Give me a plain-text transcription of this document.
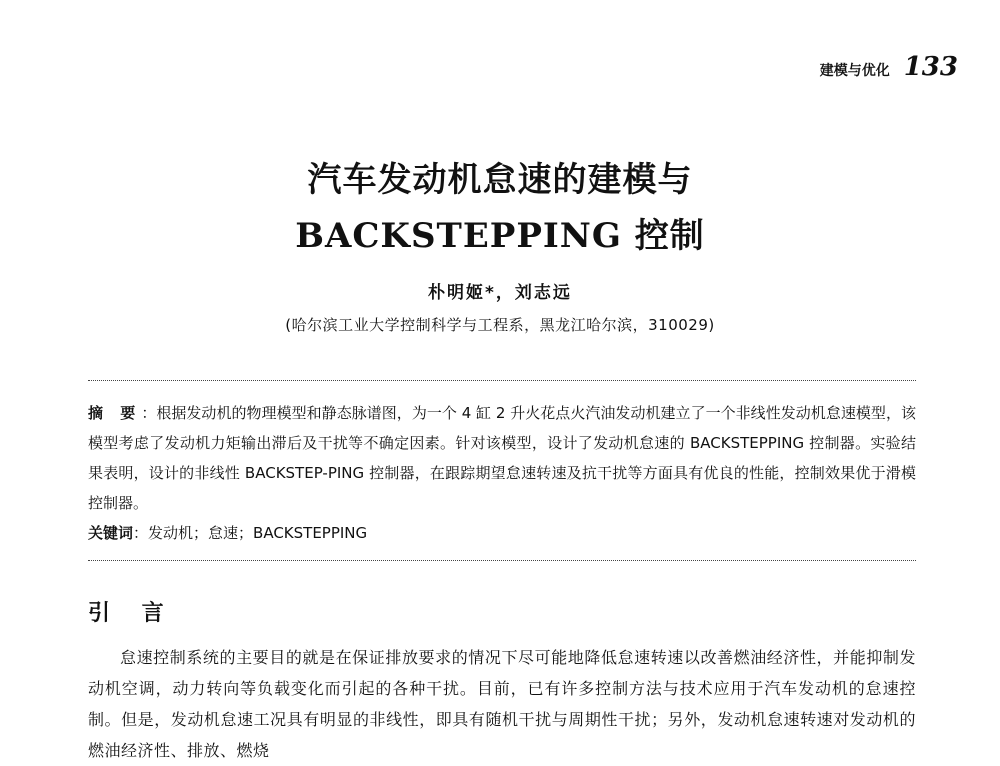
建模与优化 133
汽车发动机怠速的建模与
BACKSTEPPING 控制
朴明姬*，刘志远
(哈尔滨工业大学控制科学与工程系，黑龙江哈尔滨，310029)
摘 要：根据发动机的物理模型和静态脉谱图，为一个 4 缸 2 升火花点火汽油发动机建立了一个非线性发动机怠速模型，该模型考虑了发动机力矩输出滞后及干扰等不确定因素。针对该模型，设计了发动机怠速的 BACKSTEPPING 控制器。实验结果表明，设计的非线性 BACKSTEP-PING 控制器，在跟踪期望怠速转速及抗干扰等方面具有优良的性能，控制效果优于滑模控制器。
关键词：发动机；怠速；BACKSTEPPING
引 言
怠速控制系统的主要目的就是在保证排放要求的情况下尽可能地降低怠速转速以改善燃油经济性，并能抑制发动机空调，动力转向等负载变化而引起的各种干扰。目前，已有许多控制方法与技术应用于汽车发动机的怠速控制。但是，发动机怠速工况具有明显的非线性，即具有随机干扰与周期性干扰；另外，发动机怠速转速对发动机的燃油经济性、排放、燃烧
